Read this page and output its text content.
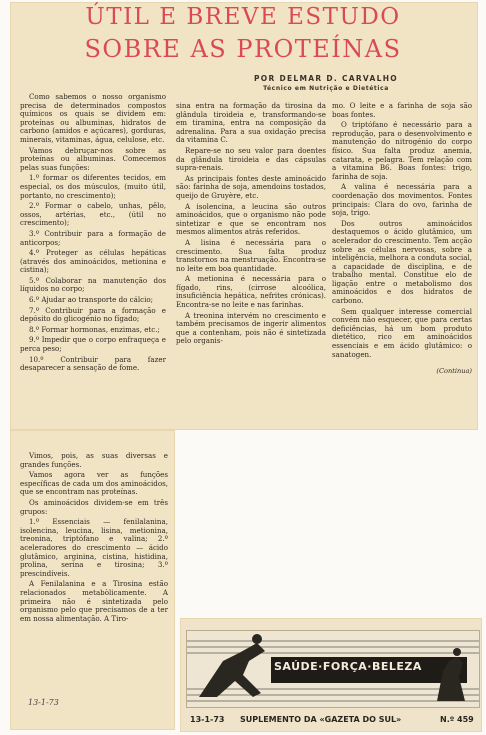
ÚTIL E BREVE ESTUDO
SOBRE AS PROTEÍNAS
POR DELMAR D. CARVALHO
Técnico em Nutrição e Dietética

Como sabemos o nosso organismo precisa de determinados compostos químicos os quais se dividem em: proteínas ou albuminas, hidratos de carbono (amidos e açúcares), gorduras, minerais, vitaminas, água, celulose, etc.

Vamos debruçar-nos sobre as proteínas ou albuminas. Comecemos pelas suas funções:

1.º formar os diferentes tecidos, em especial, os dos músculos, (muito útil, portanto, no crescimento);

2.º Formar o cabelo, unhas, pêlo, ossos, artérias, etc., (útil no crescimento);

3.º Contribuir para a formação de anticorpos;

4.º Proteger as células hepáticas (através dos aminoácidos, metionina e cistina);

5.º Colaborar na manutenção dos líquidos no corpo;

6.º Ajudar ao transporte do cálcio;

7.º Contribuir para a formação e depósito do glicogénio no fígado;

8.º Formar hormonas, enzimas, etc.;

9.º Impedir que o corpo enfraqueça e perca peso;

10.º Contribuir para fazer desaparecer a sensação de fome.

sina entra na formação da tirosina da glândula tiroideia e, transformando-se em tiramina, entra na composição da adrenalina. Para a sua oxidação precisa da vitamina C.

Repare-se no seu valor para doentes da glândula tiroideia e das cápsulas supra-renais.

As principais fontes deste aminoácido são: farinha de soja, amendoins tostados, queijo de Gruyère, etc.

A isolencina, a leucina são outros aminoácidos, que o organismo não pode sintetizar e que se encontram nos mesmos alimentos atrás referidos.

A lisina é necessária para o crescimento. Sua falta produz transtornos na menstruação. Encontra-se no leite em boa quantidade.

A metionina é necessária para o fígado, rins, (cirrose alcoólica, insuficiência hepática, nefrites crónicas). Encontra-se no leite e nas farinhas.

A treonina intervém no crescimento e também precisamos de ingerir alimentos que a contenham, pois não é sintetizada pelo organis-

mo. O leite e a farinha de soja são boas fontes.

O triptófano é necessário para a reprodução, para o desenvolvimento e manutenção do nitrogénio do corpo físico. Sua falta produz anemia, catarata, e pelagra. Tem relação com a vitamina B6. Boas fontes: trigo, farinha de soja.

A valina é necessária para a coordenação dos movimentos. Fontes principais: Clara do ovo, farinha de soja, trigo.

Dos outros aminoácidos destaquemos o ácido glutâmico, um acelerador do crescimento. Tem acção sobre as células nervosas, sobre a inteligência, melhora a conduta social, a capacidade de disciplina, e de trabalho mental. Constitue elo de ligação entre o metabolismo dos aminoácidos e dos hidratos de carbono.

Sem qualquer interesse comercial convém não esquecer, que para certas deficiências, há um bom produto dietético, rico em aminoácidos essenciais e em ácido glutâmico: o sanatogen.

(Continua)

Vimos, pois, as suas diversas e grandes funções.

Vamos agora ver as funções específicas de cada um dos aminoácidos, que se encontram nas proteínas.

Os aminoácidos dividem-se em três grupos:

1.º Essenciais — fenilalanina, isolencina, leucina, lisina, metionina, treonina, triptófano e valina; 2.º aceleradores do crescimento — ácido glutâmico, arginina, cistina, histidina, prolina, serina e tirosina; 3.º prescindíveis.

A Fenilalanina e a Tirosina estão relacionados metabòlicamente. A primeira não é sintetizada pelo organismo pelo que precisamos de a ter em nossa alimentação. A Tiro-

13-1-73
SAÚDE·FORÇA·BELEZA
13-1-73 SUPLEMENTO DA «GAZETA DO SUL»	N.º 459
